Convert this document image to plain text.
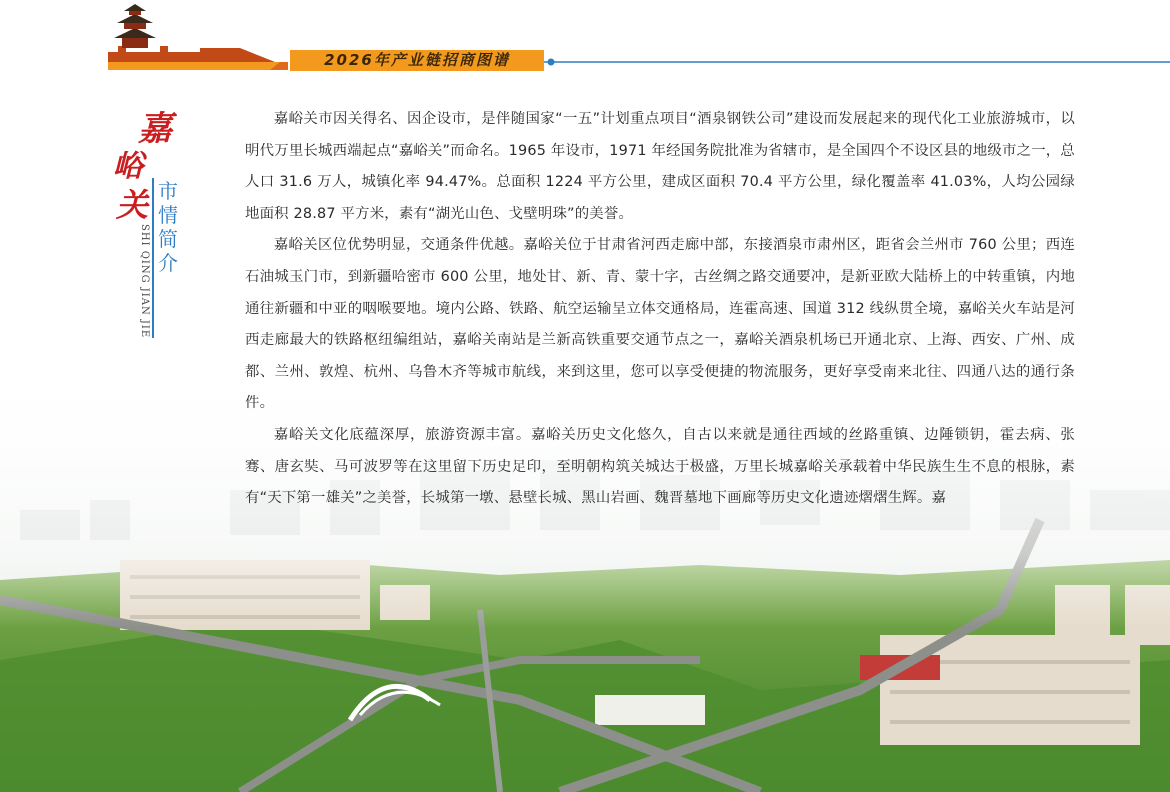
2026年产业链招商图谱
嘉
峪
关 市
情
简
介
SHI QING JIAN JIE

嘉峪关市因关得名、因企设市，是伴随国家“一五”计划重点项目“酒泉钢铁公司”建设而发展起来的现代化工业旅游城市，以明代万里长城西端起点“嘉峪关”而命名。1965 年设市，1971 年经国务院批准为省辖市，是全国四个不设区县的地级市之一，总人口 31.6 万人，城镇化率 94.47%。总面积 1224 平方公里，建成区面积 70.4 平方公里，绿化覆盖率 41.03%，人均公园绿地面积 28.87 平方米，素有“湖光山色、戈壁明珠”的美誉。

嘉峪关区位优势明显，交通条件优越。嘉峪关位于甘肃省河西走廊中部，东接酒泉市肃州区，距省会兰州市 760 公里；西连石油城玉门市，到新疆哈密市 600 公里，地处甘、新、青、蒙十字，古丝绸之路交通要冲，是新亚欧大陆桥上的中转重镇，内地通往新疆和中亚的咽喉要地。境内公路、铁路、航空运输呈立体交通格局，连霍高速、国道 312 线纵贯全境，嘉峪关火车站是河西走廊最大的铁路枢纽编组站，嘉峪关南站是兰新高铁重要交通节点之一，嘉峪关酒泉机场已开通北京、上海、西安、广州、成都、兰州、敦煌、杭州、乌鲁木齐等城市航线，来到这里，您可以享受便捷的物流服务，更好享受南来北往、四通八达的通行条件。

嘉峪关文化底蕴深厚，旅游资源丰富。嘉峪关历史文化悠久，自古以来就是通往西域的丝路重镇、边陲锁钥，霍去病、张骞、唐玄奘、马可波罗等在这里留下历史足印，至明朝构筑关城达于极盛，万里长城嘉峪关承载着中华民族生生不息的根脉，素有“天下第一雄关”之美誉，长城第一墩、悬壁长城、黑山岩画、魏晋墓地下画廊等历史文化遗迹熠熠生辉。嘉
